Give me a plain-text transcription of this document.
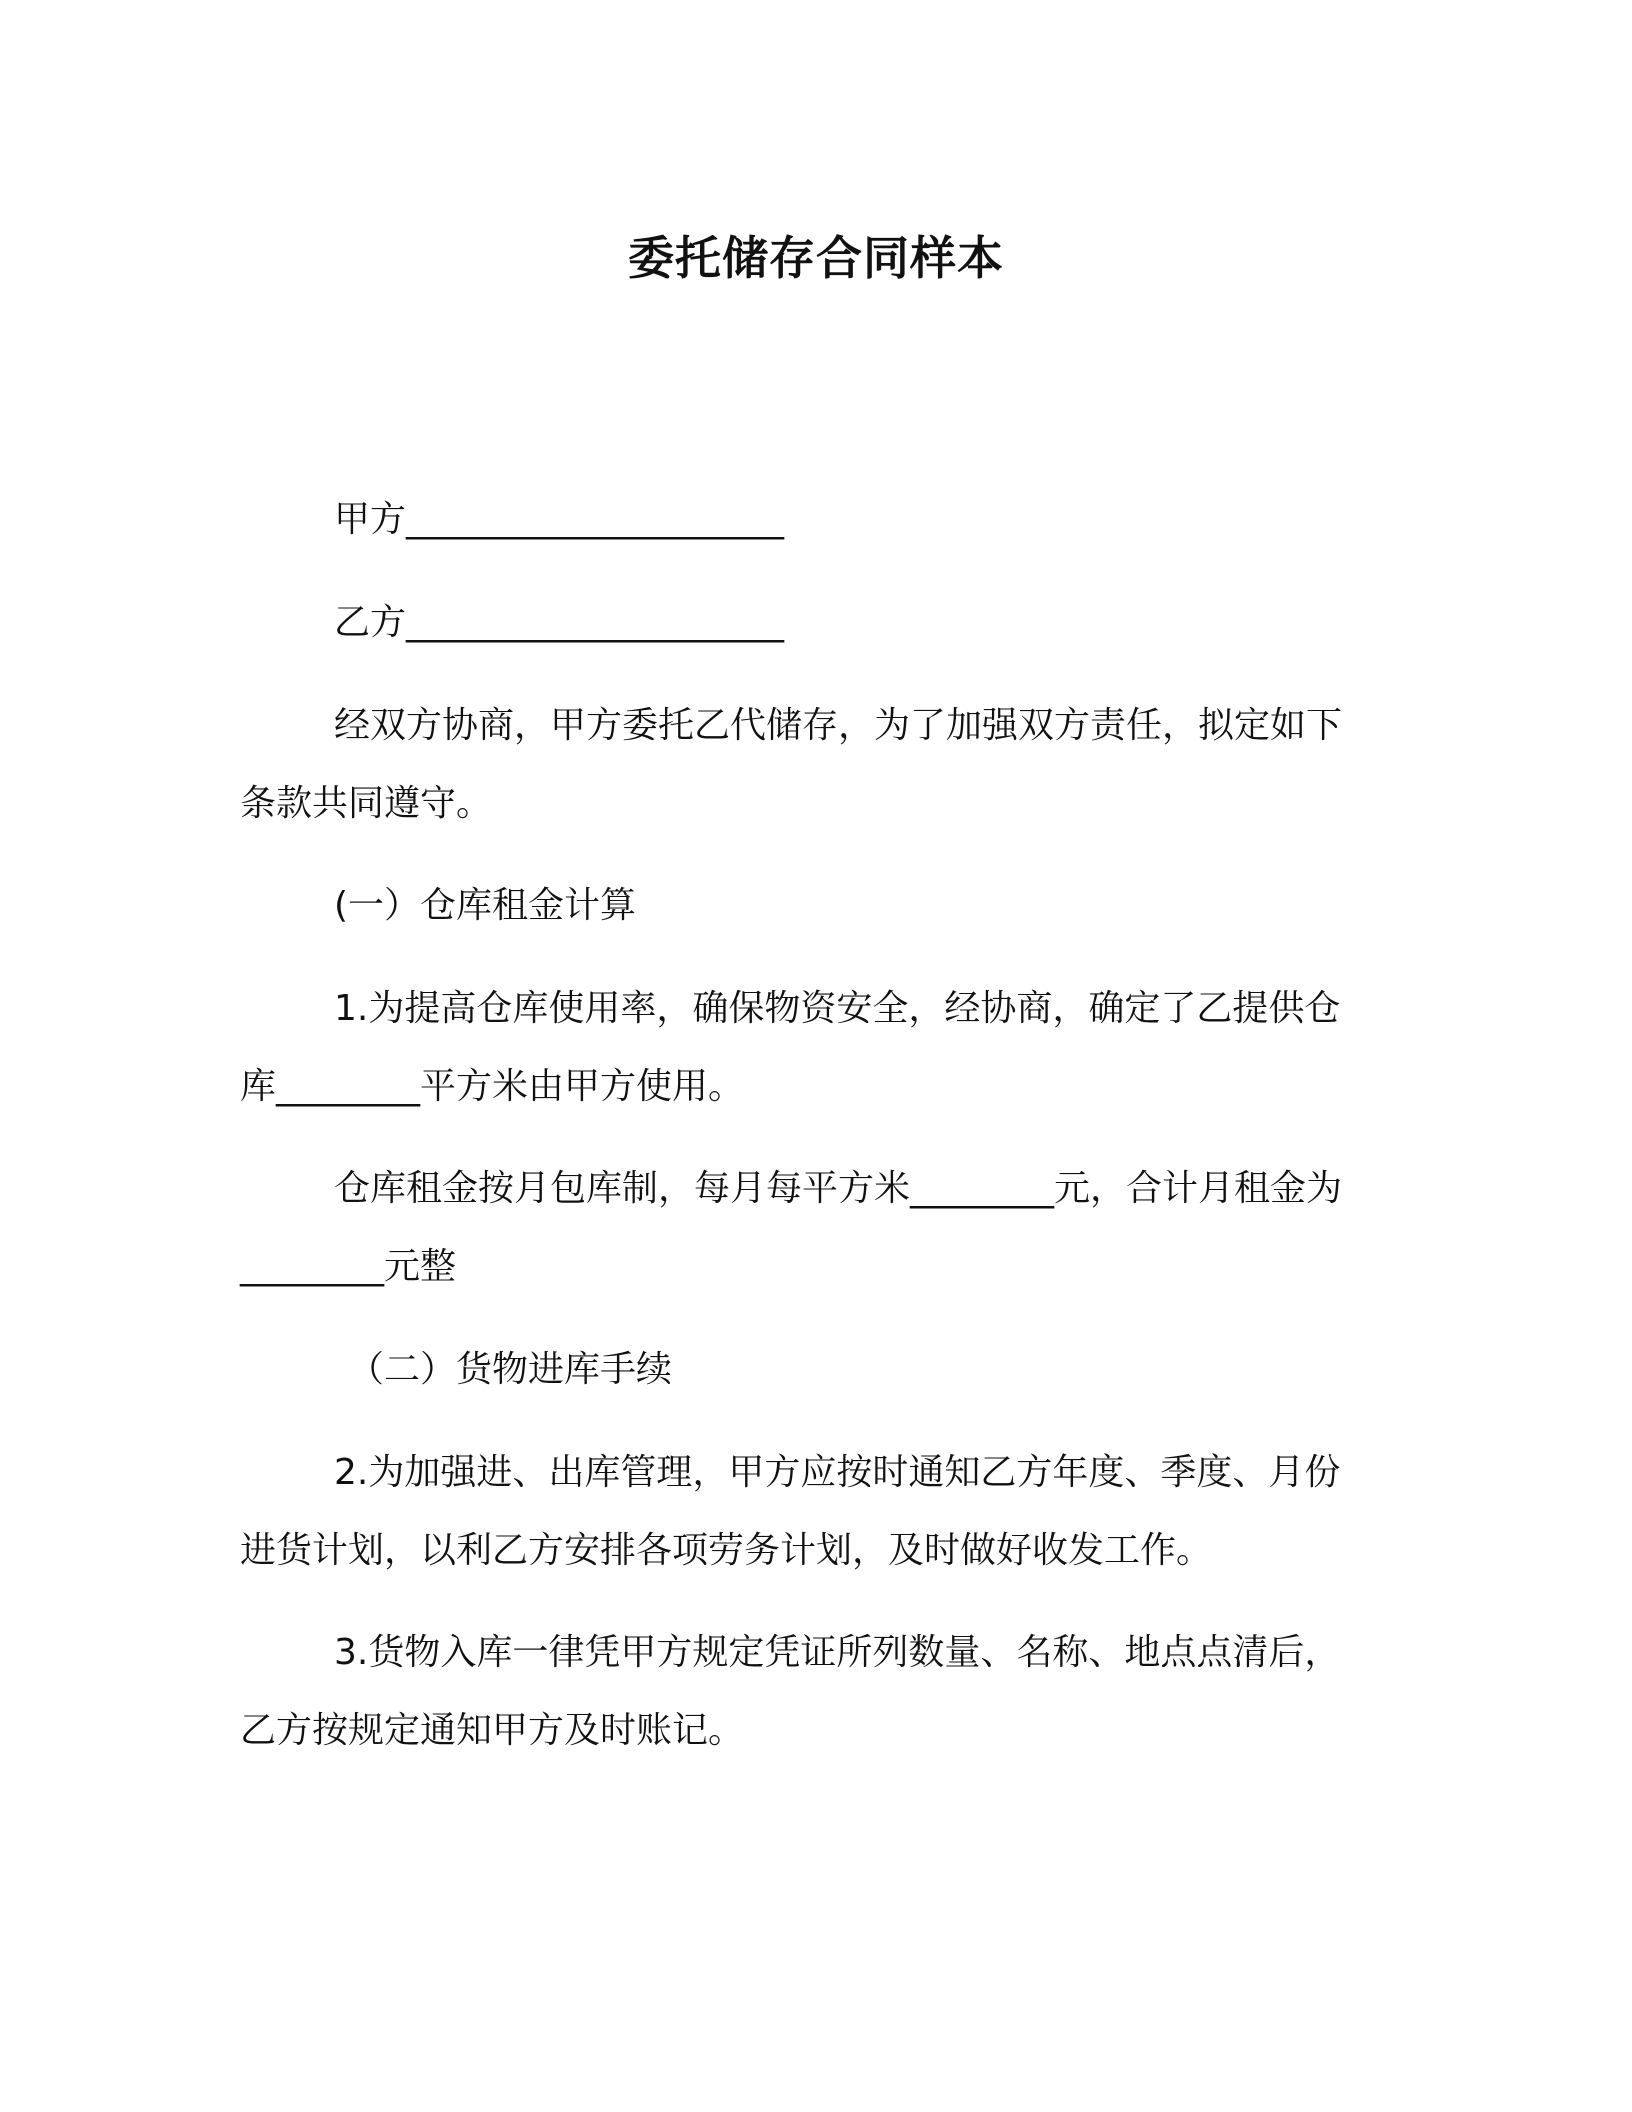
委托储存合同样本
甲方_____________________
乙方_____________________
经双方协商，甲方委托乙代储存，为了加强双方责任，拟定如下
条款共同遵守。
(一）仓库租金计算
1.为提高仓库使用率，确保物资安全，经协商，确定了乙提供仓
库________平方米由甲方使用。
仓库租金按月包库制，每月每平方米________元，合计月租金为
________元整
（二）货物进库手续
2.为加强进、出库管理，甲方应按时通知乙方年度、季度、月份
进货计划，以利乙方安排各项劳务计划，及时做好收发工作。
3.货物入库一律凭甲方规定凭证所列数量、名称、地点点清后，
乙方按规定通知甲方及时账记。
